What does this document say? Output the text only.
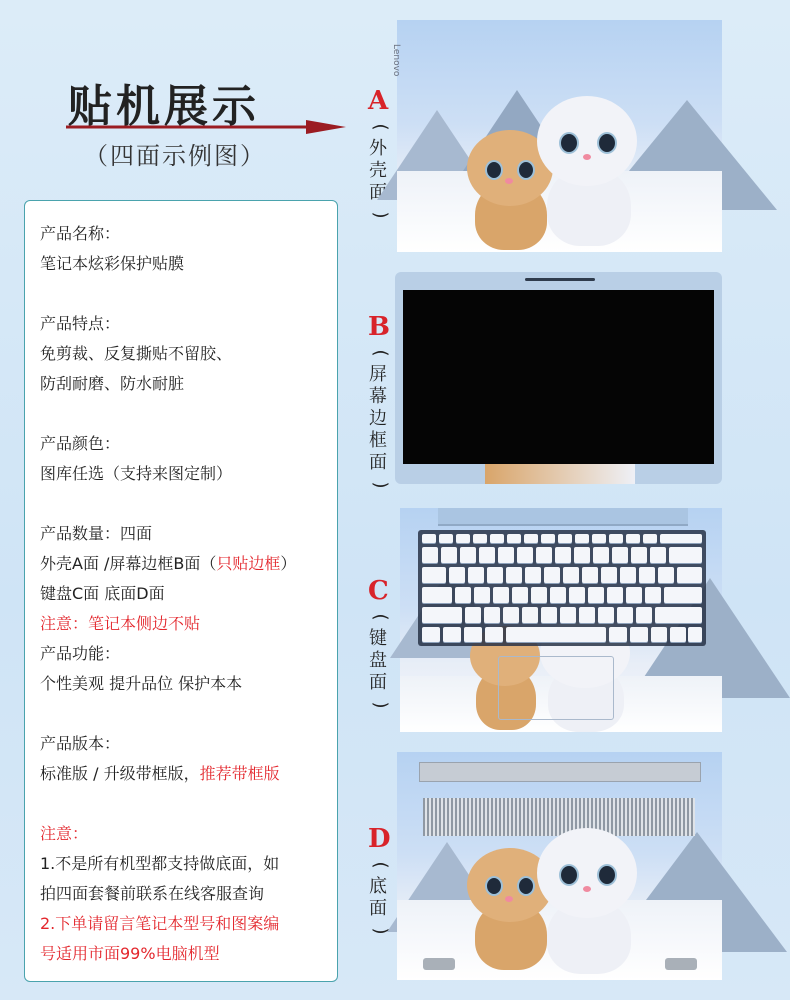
贴机展示
（四面示例图）
产品名称：
笔记本炫彩保护贴膜
产品特点：
免剪裁、反复撕贴不留胶、
防刮耐磨、防水耐脏
产品颜色：
图库任选（支持来图定制）
产品数量：四面
外壳A面 /屏幕边框B面（只贴边框）
键盘C面 底面D面
注意：笔记本侧边不贴
产品功能：
个性美观 提升品位 保护本本
产品版本：
标准版 / 升级带框版，推荐带框版
注意：
1.不是所有机型都支持做底面，如
拍四面套餐前联系在线客服查询
2.下单请留言笔记本型号和图案编
号适用市面99%电脑机型
A
(
外壳面
)
B
(
屏幕边框面
)
C
(
键盘面
)
D
(
底面
)
Lenovo
